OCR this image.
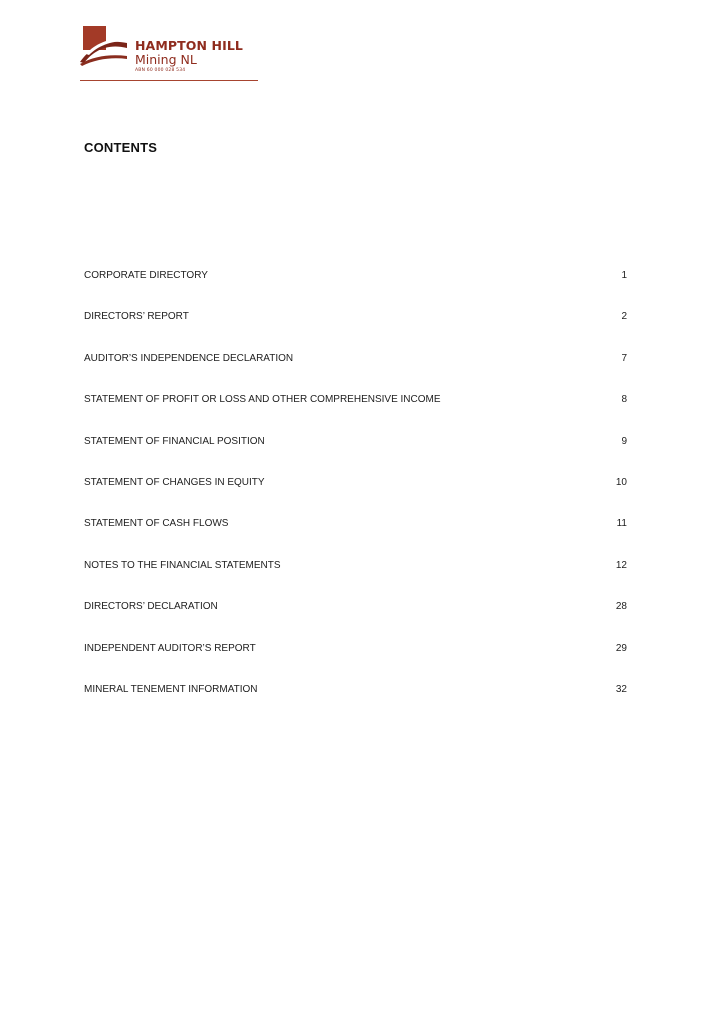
HAMPTON HILL
Mining NL
ABN 60 000 028 534
CONTENTS
CORPORATE DIRECTORY	1
DIRECTORS’ REPORT	2
AUDITOR’S INDEPENDENCE DECLARATION	7
STATEMENT OF PROFIT OR LOSS AND OTHER COMPREHENSIVE INCOME	8
STATEMENT OF FINANCIAL POSITION	9
STATEMENT OF CHANGES IN EQUITY	10
STATEMENT OF CASH FLOWS	11
NOTES TO THE FINANCIAL STATEMENTS	12
DIRECTORS’ DECLARATION	28
INDEPENDENT AUDITOR’S REPORT	29
MINERAL TENEMENT INFORMATION	32
